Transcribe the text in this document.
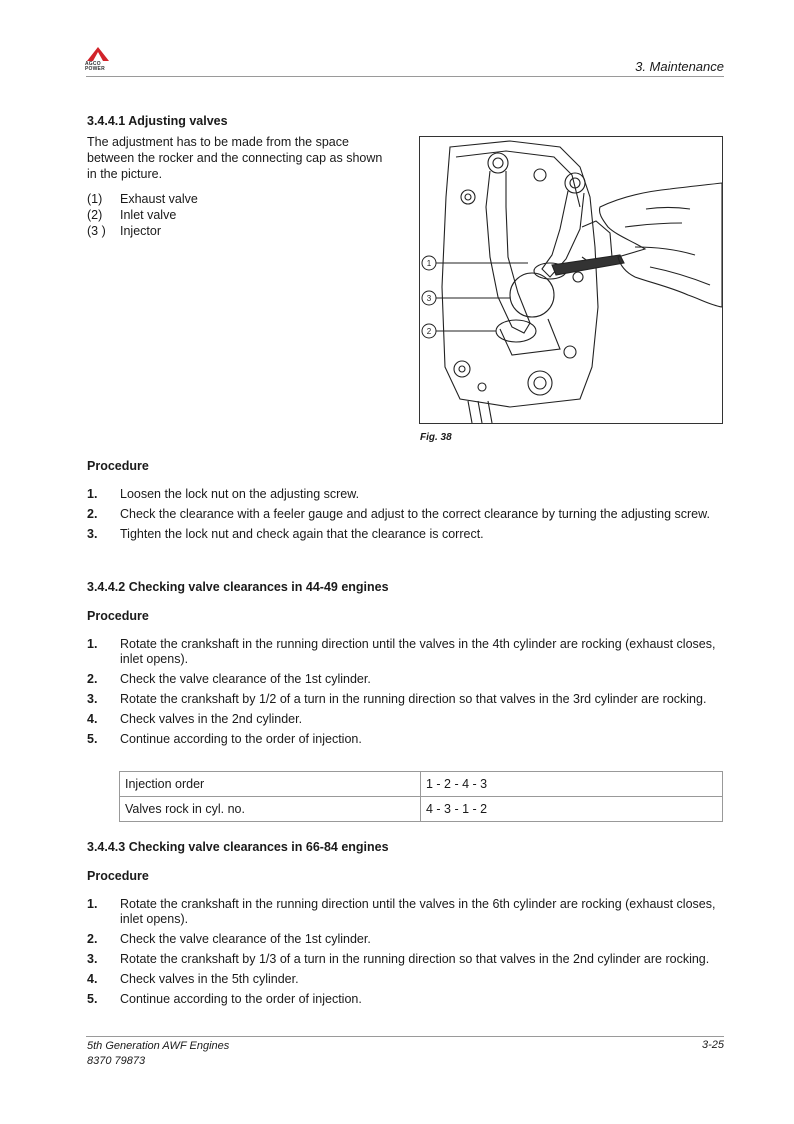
AGCO
POWER	3. Maintenance
3.4.4.1 Adjusting valves
The adjustment has to be made from the space between the rocker and the connecting cap as shown in the picture.
(1)	Exhaust valve
(2)	Inlet valve
(3 )	Injector
1
3
2
Fig. 38
Procedure
1.	Loosen the lock nut on the adjusting screw.
2.	Check the clearance with a feeler gauge and adjust to the correct clearance by turning the adjusting screw.
3.	Tighten the lock nut and check again that the clearance is correct.
3.4.4.2 Checking valve clearances in 44-49 engines
Procedure
1.	Rotate the crankshaft in the running direction until the valves in the 4th cylinder are rocking (exhaust closes, inlet opens).
2.	Check the valve clearance of the 1st cylinder.
3.	Rotate the crankshaft by 1/2 of a turn in the running direction so that valves in the 3rd cylinder are rocking.
4.	Check valves in the 2nd cylinder.
5.	Continue according to the order of injection.
Injection order	1 - 2 - 4 - 3
Valves rock in cyl. no.	4 - 3 - 1 - 2
3.4.4.3 Checking valve clearances in 66-84 engines
Procedure
1.	Rotate the crankshaft in the running direction until the valves in the 6th cylinder are rocking (exhaust closes, inlet opens).
2.	Check the valve clearance of the 1st cylinder.
3.	Rotate the crankshaft by 1/3 of a turn in the running direction so that valves in the 2nd cylinder are rocking.
4.	Check valves in the 5th cylinder.
5.	Continue according to the order of injection.
5th Generation AWF Engines
8370 79873
3-25
